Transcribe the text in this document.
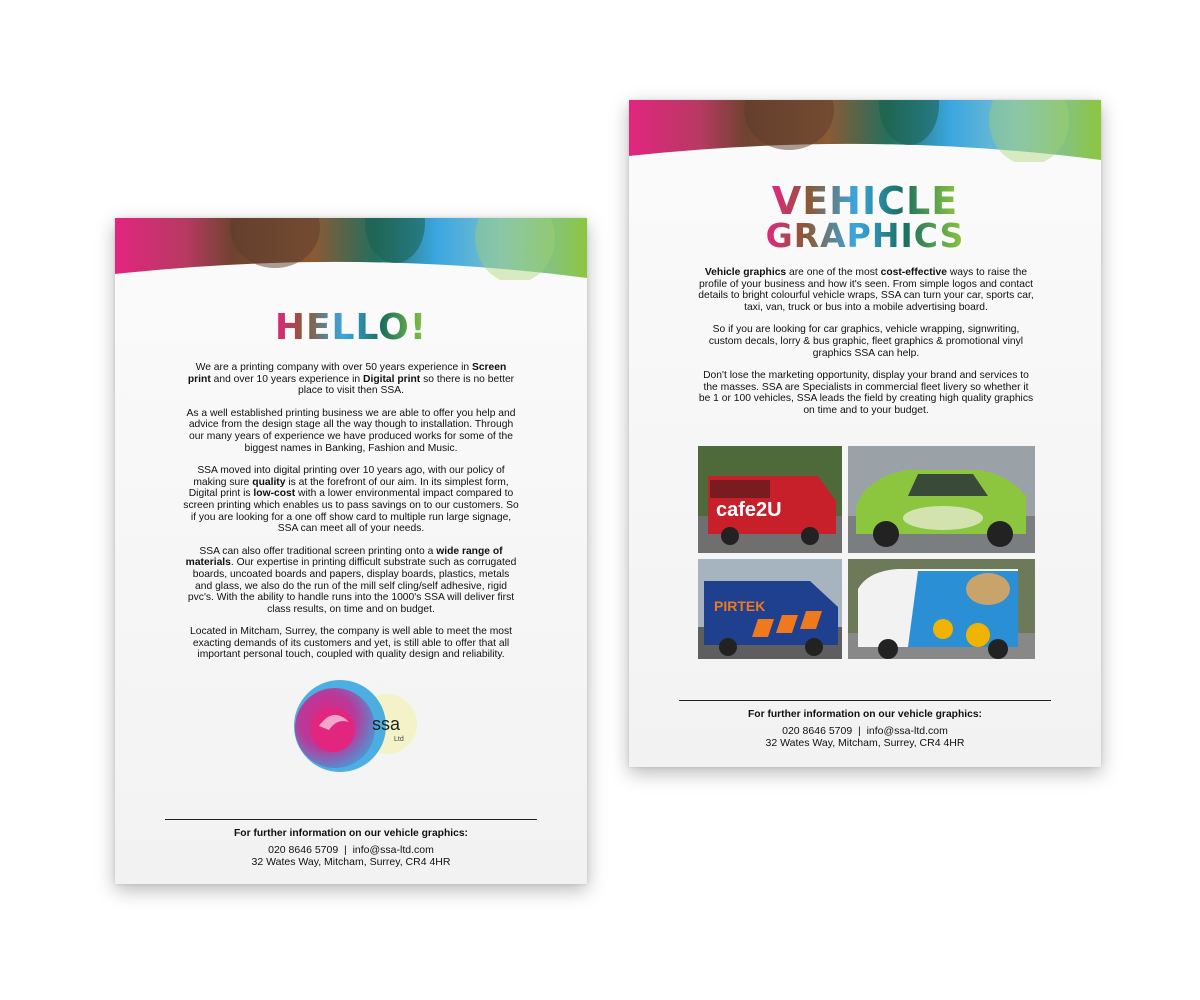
HELLO!

We are a printing company with over 50 years experience in Screen print and over 10 years experience in Digital print so there is no better place to visit then SSA.

As a well established printing business we are able to offer you help and advice from the design stage all the way though to installation. Through our many years of experience we have produced works for some of the biggest names in Banking, Fashion and Music.

SSA moved into digital printing over 10 years ago, with our policy of making sure quality is at the forefront of our aim. In its simplest form, Digital print is low-cost with a lower environmental impact compared to screen printing which enables us to pass savings on to our customers. So if you are looking for a one off show card to multiple run large signage, SSA can meet all of your needs.

SSA can also offer traditional screen printing onto a wide range of materials. Our expertise in printing difficult substrate such as corrugated boards, uncoated boards and papers, display boards, plastics, metals and glass, we also do the run of the mill self cling/self adhesive, rigid pvc's. With the ability to handle runs into the 1000's SSA will deliver first class results, on time and on budget.

Located in Mitcham, Surrey, the company is well able to meet the most exacting demands of its customers and yet, is still able to offer that all important personal touch, coupled with quality design and reliability.

ssa
Ltd
For further information on our vehicle graphics:
020 8646 5709  |  info@ssa-ltd.com
32 Wates Way, Mitcham, Surrey, CR4 4HR
VEHICLE
GRAPHICS

Vehicle graphics are one of the most cost-effective ways to raise the profile of your business and how it's seen. From simple logos and contact details to bright colourful vehicle wraps, SSA can turn your car, sports car, taxi, van, truck or bus into a mobile advertising board.

So if you are looking for car graphics, vehicle wrapping, signwriting, custom decals, lorry & bus graphic, fleet graphics & promotional vinyl graphics SSA can help.

Don't lose the marketing opportunity, display your brand and services to the masses. SSA are Specialists in commercial fleet livery so whether it be 1 or 100 vehicles, SSA leads the field by creating high quality graphics on time and to your budget.

cafe2U
PIRTEK
For further information on our vehicle graphics:
020 8646 5709  |  info@ssa-ltd.com
32 Wates Way, Mitcham, Surrey, CR4 4HR
